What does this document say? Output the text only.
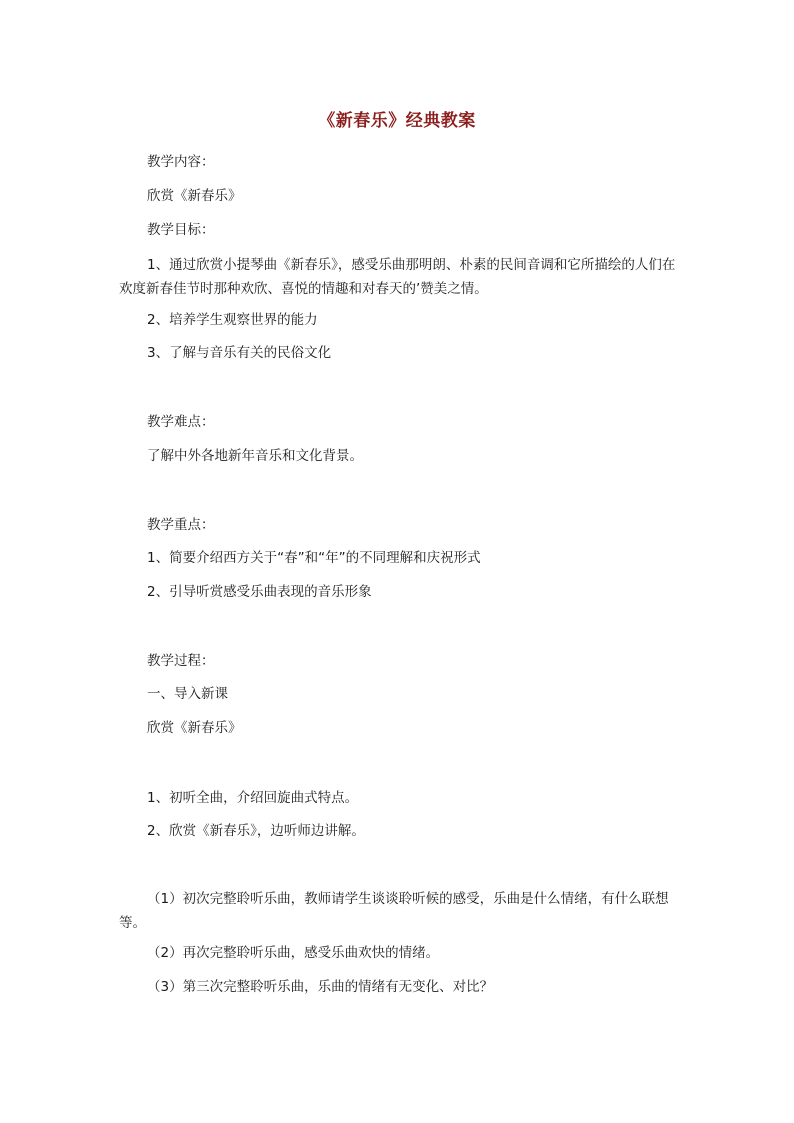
《新春乐》经典教案
教学内容：
欣赏《新春乐》
教学目标：
1、通过欣赏小提琴曲《新春乐》，感受乐曲那明朗、朴素的民间音调和它所描绘的人们在欢度新春佳节时那种欢欣、喜悦的情趣和对春天的’赞美之情。
2、培养学生观察世界的能力
3、了解与音乐有关的民俗文化
教学难点：
了解中外各地新年音乐和文化背景。
教学重点：
1、简要介绍西方关于“春”和“年”的不同理解和庆祝形式
2、引导听赏感受乐曲表现的音乐形象
教学过程：
一、导入新课
欣赏《新春乐》
1、初听全曲，介绍回旋曲式特点。
2、欣赏《新春乐》，边听师边讲解。
（1）初次完整聆听乐曲，教师请学生谈谈聆听候的感受，乐曲是什么情绪，有什么联想等。
（2）再次完整聆听乐曲，感受乐曲欢快的情绪。
（3）第三次完整聆听乐曲，乐曲的情绪有无变化、对比？
